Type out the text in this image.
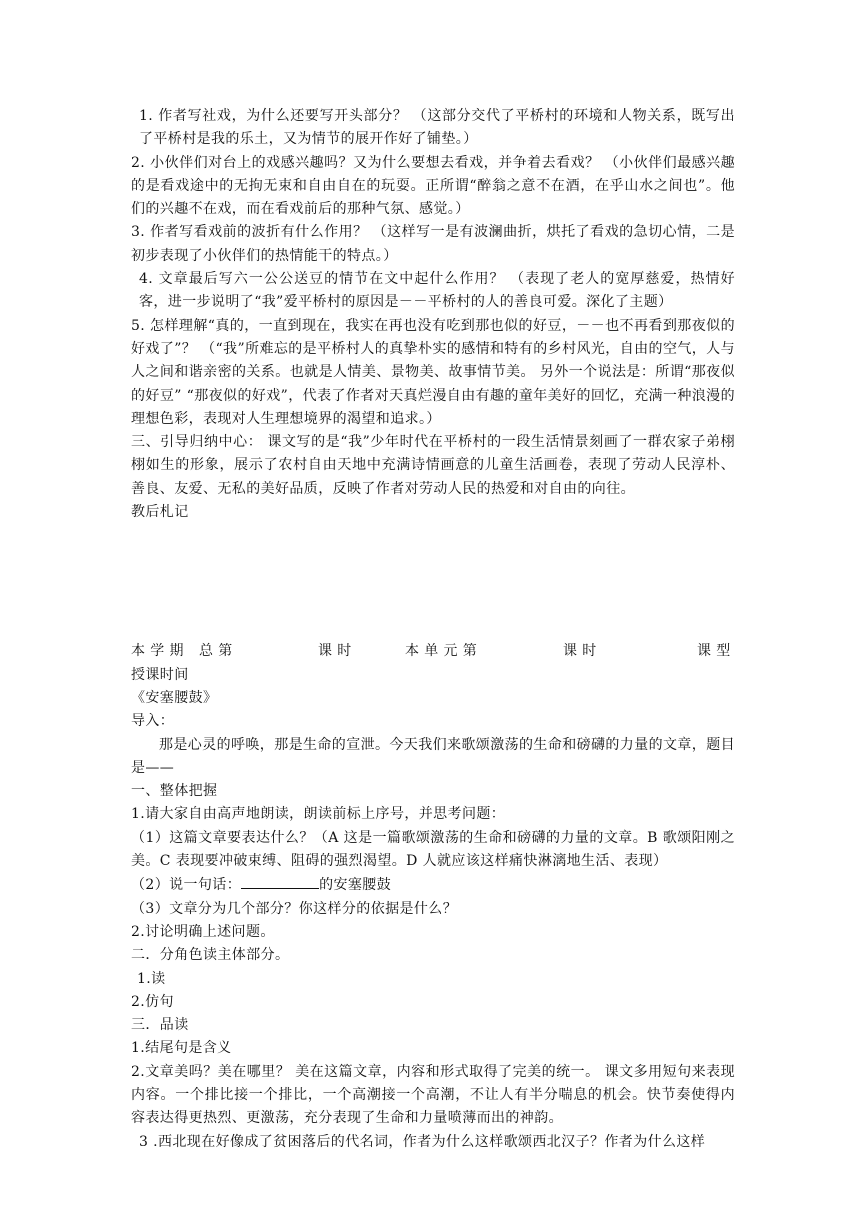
1. 作者写社戏，为什么还要写开头部分？ （这部分交代了平桥村的环境和人物关系，既写出了平桥村是我的乐土，又为情节的展开作好了铺垫。）

2. 小伙伴们对台上的戏感兴趣吗？又为什么要想去看戏，并争着去看戏？ （小伙伴们最感兴趣的是看戏途中的无拘无束和自由自在的玩耍。正所谓“醉翁之意不在酒，在乎山水之间也”。他们的兴趣不在戏，而在看戏前后的那种气氛、感觉。）

3. 作者写看戏前的波折有什么作用？ （这样写一是有波澜曲折，烘托了看戏的急切心情，二是初步表现了小伙伴们的热情能干的特点。）

4. 文章最后写六一公公送豆的情节在文中起什么作用？ （表现了老人的宽厚慈爱，热情好客，进一步说明了“我”爱平桥村的原因是－－平桥村的人的善良可爱。深化了主题）

5. 怎样理解“真的，一直到现在，我实在再也没有吃到那也似的好豆，－－也不再看到那夜似的好戏了”？ （“我”所难忘的是平桥村人的真挚朴实的感情和特有的乡村风光，自由的空气，人与人之间和谐亲密的关系。也就是人情美、景物美、故事情节美。 另外一个说法是：所谓“那夜似的好豆” “那夜似的好戏”，代表了作者对天真烂漫自由有趣的童年美好的回忆，充满一种浪漫的理想色彩，表现对人生理想境界的渴望和追求。）

三、引导归纳中心： 课文写的是“我”少年时代在平桥村的一段生活情景刻画了一群农家子弟栩栩如生的形象，展示了农村自由天地中充满诗情画意的儿童生活画卷，表现了劳动人民淳朴、善良、友爱、无私的美好品质，反映了作者对劳动人民的热爱和对自由的向往。

教后札记

本 学 期 总 第	课 时	本 单 元 第	课 时	课 型

授课时间

《安塞腰鼓》

导入：

那是心灵的呼唤，那是生命的宣泄。今天我们来歌颂激荡的生命和磅礴的力量的文章，题目是——

一、整体把握

1.请大家自由高声地朗读，朗读前标上序号，并思考问题：

（1）这篇文章要表达什么？（A 这是一篇歌颂激荡的生命和磅礴的力量的文章。B 歌颂阳刚之美。C 表现要冲破束缚、阻碍的强烈渴望。D 人就应该这样痛快淋漓地生活、表现）

（2）说一句话：	的安塞腰鼓

（3）文章分为几个部分？你这样分的依据是什么？

2.讨论明确上述问题。

二．分角色读主体部分。

1.读

2.仿句

三．品读

1.结尾句是含义

2.文章美吗？美在哪里？ 美在这篇文章，内容和形式取得了完美的统一。 课文多用短句来表现内容。一个排比接一个排比，一个高潮接一个高潮，不让人有半分喘息的机会。快节奏使得内容表达得更热烈、更激荡，充分表现了生命和力量喷薄而出的神韵。

3 .西北现在好像成了贫困落后的代名词，作者为什么这样歌颂西北汉子？作者为什么这样
